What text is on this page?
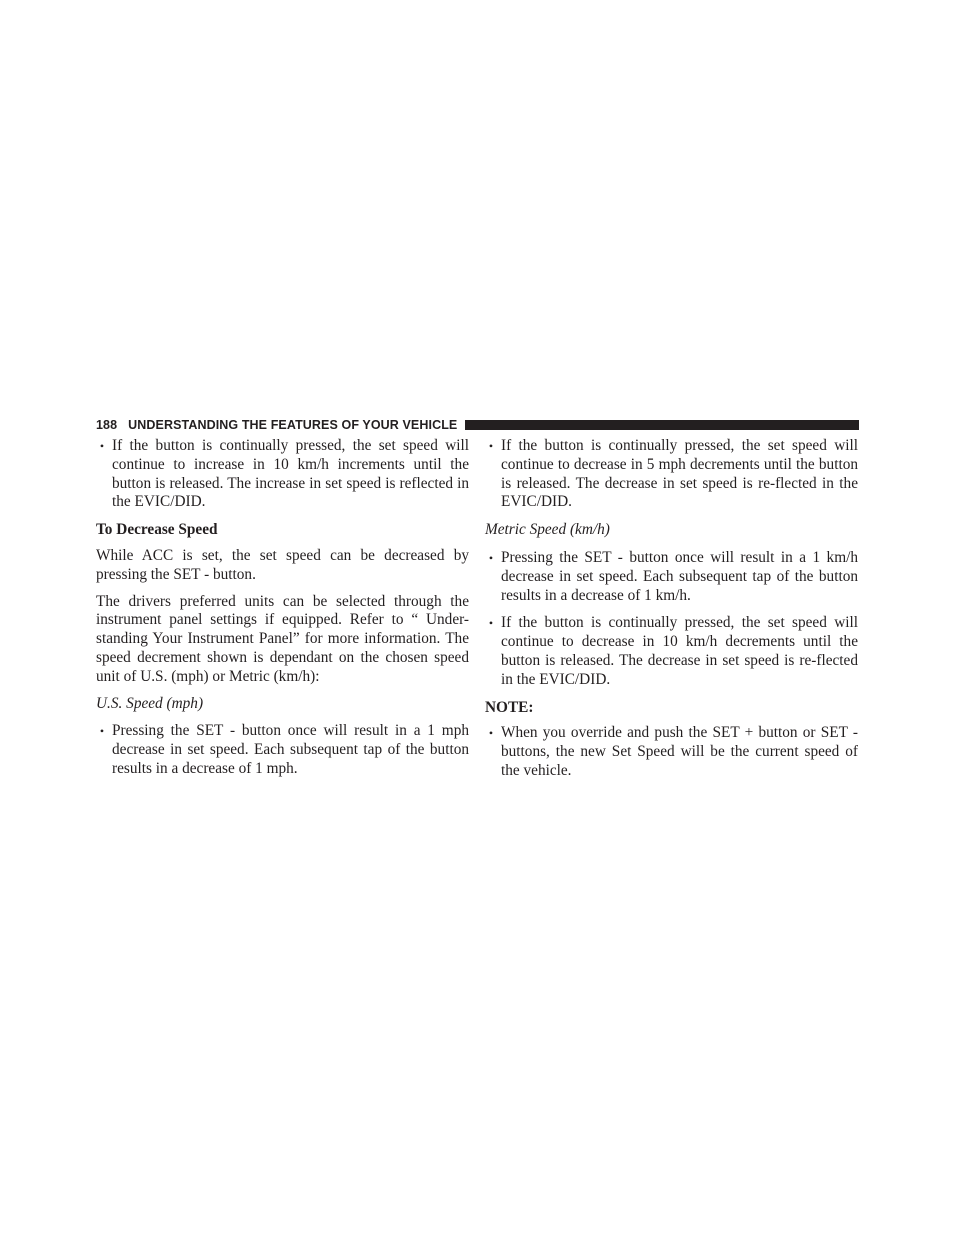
188 UNDERSTANDING THE FEATURES OF YOUR VEHICLE
• If the button is continually pressed, the set speed will continue to increase in 10 km/h increments until the button is released. The increase in set speed is reflected in the EVIC/DID.
To Decrease Speed
While ACC is set, the set speed can be decreased by pressing the SET - button.
The drivers preferred units can be selected through the instrument panel settings if equipped. Refer to “ Under-standing Your Instrument Panel” for more information. The speed decrement shown is dependant on the chosen speed unit of U.S. (mph) or Metric (km/h):
U.S. Speed (mph)
• Pressing the SET - button once will result in a 1 mph decrease in set speed. Each subsequent tap of the button results in a decrease of 1 mph.
• If the button is continually pressed, the set speed will continue to decrease in 5 mph decrements until the button is released. The decrease in set speed is re-flected in the EVIC/DID.
Metric Speed (km/h)
• Pressing the SET - button once will result in a 1 km/h decrease in set speed. Each subsequent tap of the button results in a decrease of 1 km/h.
• If the button is continually pressed, the set speed will continue to decrease in 10 km/h decrements until the button is released. The decrease in set speed is re-flected in the EVIC/DID.
NOTE:
• When you override and push the SET + button or SET - buttons, the new Set Speed will be the current speed of the vehicle.
